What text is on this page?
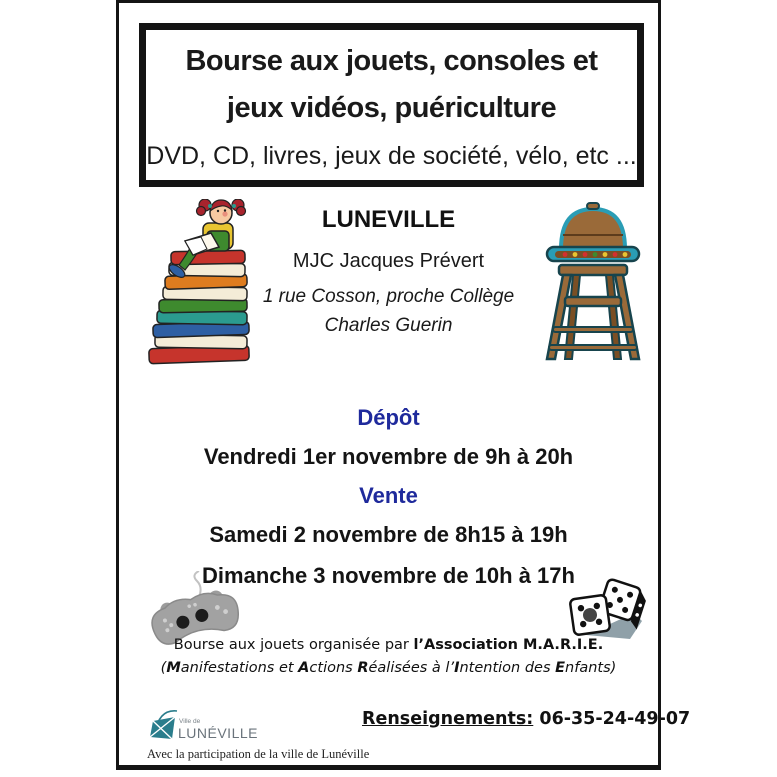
Bourse aux jouets, consoles et
jeux vidéos, puériculture
DVD, CD, livres, jeux de société, vélo, etc ...
LUNEVILLE
MJC Jacques Prévert
1 rue Cosson, proche Collège
Charles Guerin
Dépôt
Vendredi 1er novembre de 9h à 20h
Vente
Samedi 2 novembre de 8h15 à 19h
Dimanche 3 novembre de 10h à 17h
Bourse aux jouets organisée par l’Association M.A.R.I.E.
(Manifestations et Actions Réalisées à l’Intention des Enfants)
Ville de
LUNÉVILLE
Renseignements: 06-35-24-49-07
Avec la participation de la ville de Lunéville
